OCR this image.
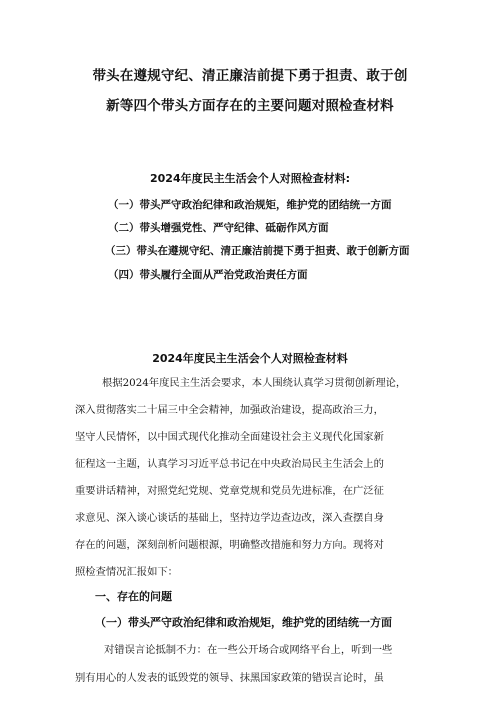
带头在遵规守纪、清正廉洁前提下勇于担责、敢于创
新等四个带头方面存在的主要问题对照检查材料
2024年度民主生活会个人对照检查材料:
（一）带头严守政治纪律和政治规矩，维护党的团结统一方面
（二）带头增强党性、严守纪律、砥砺作风方面
（三）带头在遵规守纪、清正廉洁前提下勇于担责、敢于创新方面
（四）带头履行全面从严治党政治责任方面
2024年度民主生活会个人对照检查材料
根据2024年度民主生活会要求，本人围绕认真学习贯彻创新理论，
深入贯彻落实二十届三中全会精神，加强政治建设，提高政治三力，
坚守人民情怀，以中国式现代化推动全面建设社会主义现代化国家新
征程这一主题，认真学习习近平总书记在中央政治局民主生活会上的
重要讲话精神，对照党纪党规、党章党规和党员先进标准，在广泛征
求意见、深入谈心谈话的基础上，坚持边学边查边改，深入查摆自身
存在的问题，深刻剖析问题根源，明确整改措施和努力方向。现将对
照检查情况汇报如下：
一、存在的问题
（一）带头严守政治纪律和政治规矩，维护党的团结统一方面
对错误言论抵制不力：在一些公开场合或网络平台上，听到一些
别有用心的人发表的诋毁党的领导、抹黑国家政策的错误言论时，虽
